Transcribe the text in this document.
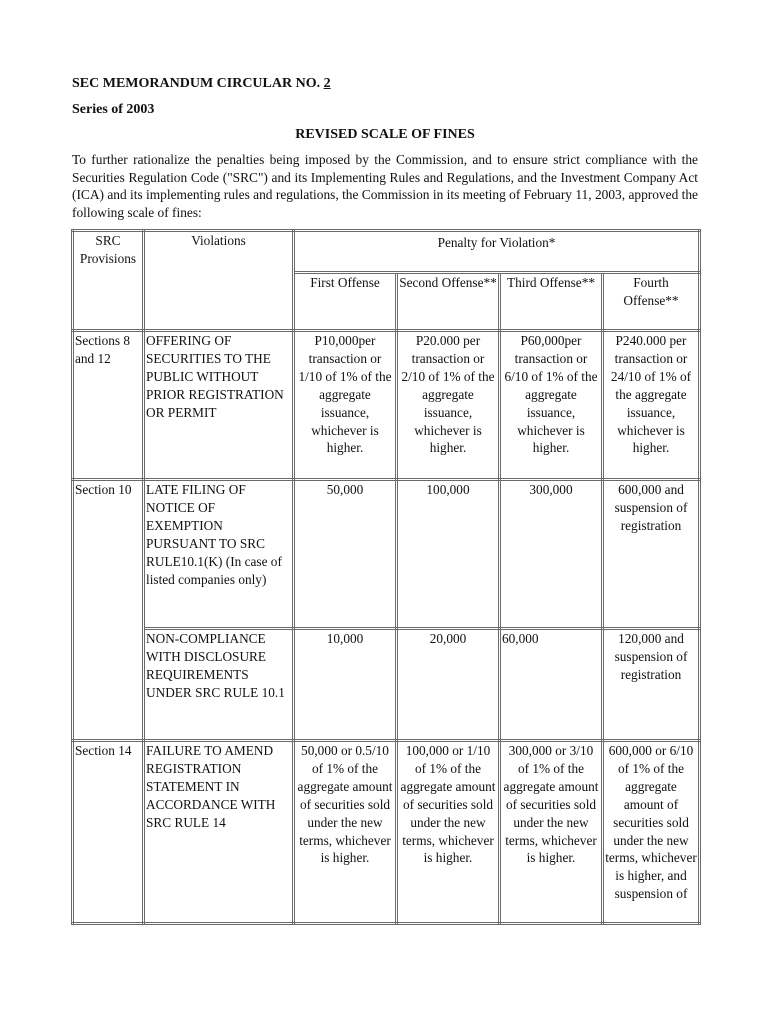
SEC MEMORANDUM CIRCULAR NO. 2
Series of 2003
REVISED SCALE OF FINES

To further rationalize the penalties being imposed by the Commission, and to ensure strict compliance with the Securities Regulation Code ("SRC") and its Implementing Rules and Regulations, and the Investment Company Act (ICA) and its implementing rules and regulations, the Commission in its meeting of February 11, 2003, approved the following scale of fines:

SRC Provisions	Violations	Penalty for Violation*			
		First Offense	Second Offense**	Third Offense**	Fourth Offense**
Sections 8 and 12	OFFERING OF SECURITIES TO THE PUBLIC WITHOUT PRIOR REGISTRATION OR PERMIT	P10,000per transaction or 1/10 of 1% of the aggregate issuance, whichever is higher.	P20.000 per transaction or 2/10 of 1% of the aggregate issuance, whichever is higher.	P60,000per transaction or 6/10 of 1% of the aggregate issuance, whichever is higher.	P240.000 per transaction or 24/10 of 1% of the aggregate issuance, whichever is higher.
Section 10	LATE FILING OF NOTICE OF EXEMPTION PURSUANT TO SRC RULE10.1(K) (In case of listed companies only)	50,000	100,000	300,000	600,000 and suspension of registration
	NON-COMPLIANCE WITH DISCLOSURE REQUIREMENTS UNDER SRC RULE 10.1	10,000	20,000	60,000	120,000 and suspension of registration
Section 14	FAILURE TO AMEND REGISTRATION STATEMENT IN ACCORDANCE WITH SRC RULE 14	50,000 or 0.5/10 of 1% of the aggregate amount of securities sold under the new terms, whichever is higher.	100,000 or 1/10 of 1% of the aggregate amount of securities sold under the new terms, whichever is higher.	300,000 or 3/10 of 1% of the aggregate amount of securities sold under the new terms, whichever is higher.	600,000 or 6/10 of 1% of the aggregate amount of securities sold under the new terms, whichever is higher, and suspension of
